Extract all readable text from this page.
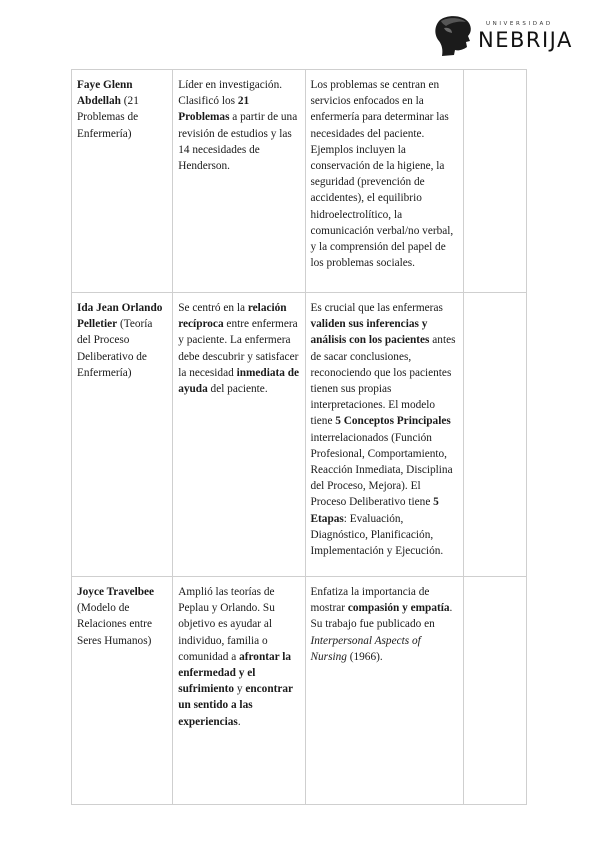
UNIVERSIDAD
NEBRIJA
Faye Glenn Abdellah (21 Problemas de Enfermería)	Líder en investigación. Clasificó los 21 Problemas a partir de una revisión de estudios y las 14 necesidades de Henderson.	Los problemas se centran en servicios enfocados en la enfermería para determinar las necesidades del paciente. Ejemplos incluyen la conservación de la higiene, la seguridad (prevención de accidentes), el equilibrio hidroelectrolítico, la comunicación verbal/no verbal, y la comprensión del papel de los problemas sociales.	
Ida Jean Orlando Pelletier (Teoría del Proceso Deliberativo de Enfermería)	Se centró en la relación recíproca entre enfermera y paciente. La enfermera debe descubrir y satisfacer la necesidad inmediata de ayuda del paciente.	Es crucial que las enfermeras validen sus inferencias y análisis con los pacientes antes de sacar conclusiones, reconociendo que los pacientes tienen sus propias interpretaciones. El modelo tiene 5 Conceptos Principales interrelacionados (Función Profesional, Comportamiento, Reacción Inmediata, Disciplina del Proceso, Mejora). El Proceso Deliberativo tiene 5 Etapas: Evaluación, Diagnóstico, Planificación, Implementación y Ejecución.	
Joyce Travelbee (Modelo de Relaciones entre Seres Humanos)	Amplió las teorías de Peplau y Orlando. Su objetivo es ayudar al individuo, familia o comunidad a afrontar la enfermedad y el sufrimiento y encontrar un sentido a las experiencias.	Enfatiza la importancia de mostrar compasión y empatía. Su trabajo fue publicado en Interpersonal Aspects of Nursing (1966).	
